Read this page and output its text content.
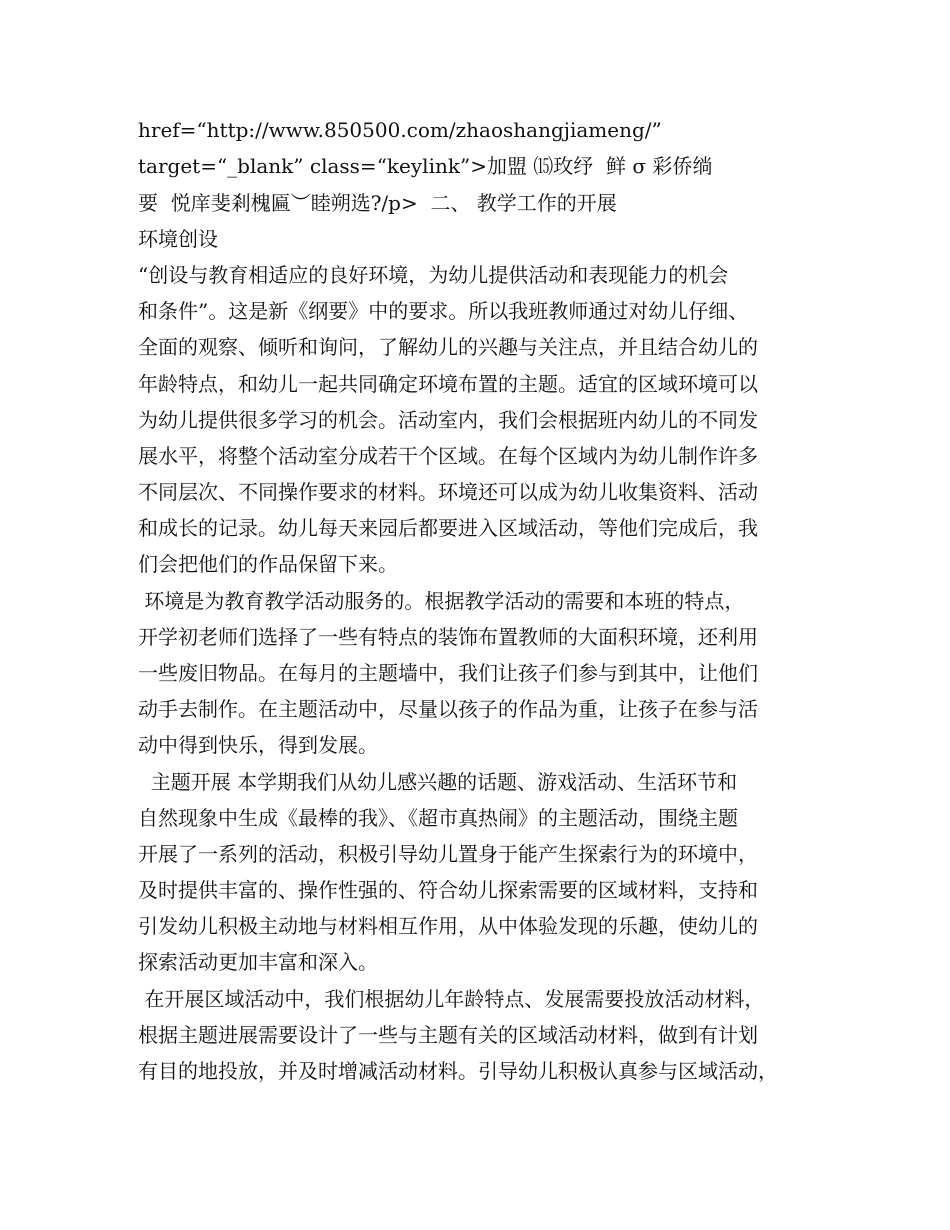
href=“http://www.850500.com/zhaoshangjiameng/”
target=“_blank” class=“keylink”>加盟 ⒂玫纾  鲜 σ 彩侨绱
要  悦庠斐剎槐匾︶睦朔选?/p>  二、 教学工作的开展
环境创设
“创设与教育相适应的良好环境，为幼儿提供活动和表现能力的机会
和条件”。这是新《纲要》中的要求。所以我班教师通过对幼儿仔细、
全面的观察、倾听和询问，了解幼儿的兴趣与关注点，并且结合幼儿的
年龄特点，和幼儿一起共同确定环境布置的主题。适宜的区域环境可以
为幼儿提供很多学习的机会。活动室内，我们会根据班内幼儿的不同发
展水平，将整个活动室分成若干个区域。在每个区域内为幼儿制作许多
不同层次、不同操作要求的材料。环境还可以成为幼儿收集资料、活动
和成长的记录。幼儿每天来园后都要进入区域活动，等他们完成后，我
们会把他们的作品保留下来。
环境是为教育教学活动服务的。根据教学活动的需要和本班的特点，
开学初老师们选择了一些有特点的装饰布置教师的大面积环境，还利用
一些废旧物品。在每月的主题墙中，我们让孩子们参与到其中，让他们
动手去制作。在主题活动中，尽量以孩子的作品为重，让孩子在参与活
动中得到快乐，得到发展。
主题开展 本学期我们从幼儿感兴趣的话题、游戏活动、生活环节和
自然现象中生成《最棒的我》、《超市真热闹》的主题活动，围绕主题
开展了一系列的活动，积极引导幼儿置身于能产生探索行为的环境中，
及时提供丰富的、操作性强的、符合幼儿探索需要的区域材料，支持和
引发幼儿积极主动地与材料相互作用，从中体验发现的乐趣，使幼儿的
探索活动更加丰富和深入。
在开展区域活动中，我们根据幼儿年龄特点、发展需要投放活动材料，
根据主题进展需要设计了一些与主题有关的区域活动材料，做到有计划
有目的地投放，并及时增减活动材料。引导幼儿积极认真参与区域活动，
